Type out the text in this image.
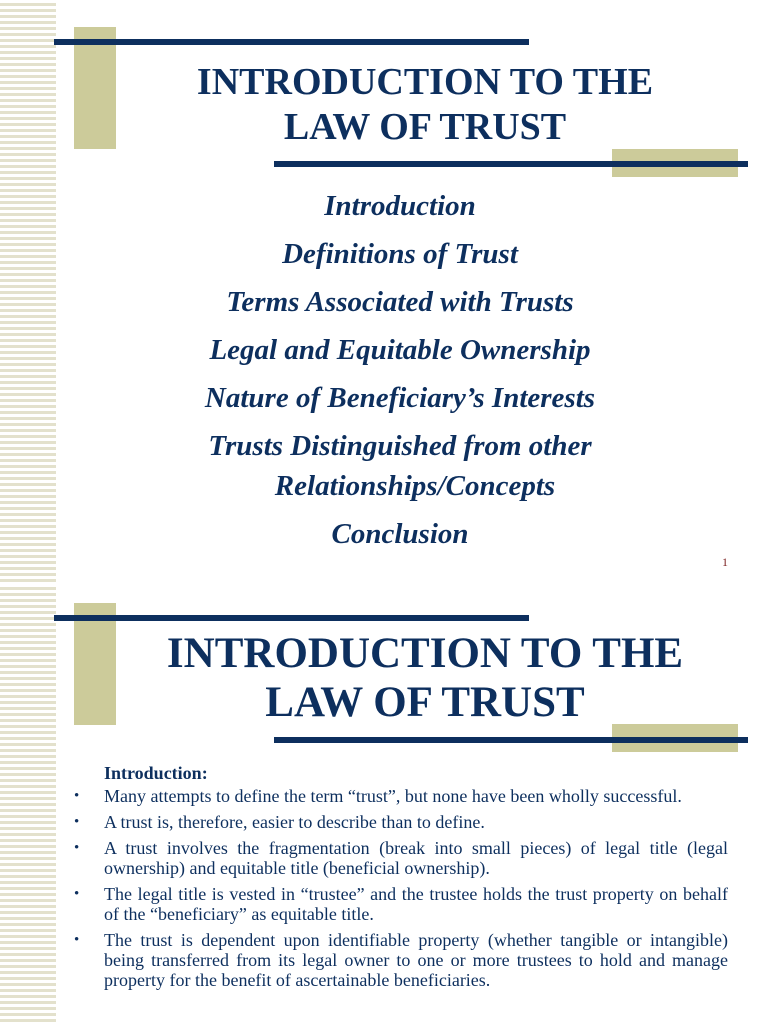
INTRODUCTION TO THE
LAW OF TRUST
Introduction
Definitions of Trust
Terms Associated with Trusts
Legal and Equitable Ownership
Nature of Beneficiary’s Interests
Trusts Distinguished from other
Relationships/Concepts
Conclusion
1
INTRODUCTION TO THE
LAW OF TRUST
Introduction:
• Many attempts to define the term “trust”, but none have been wholly successful.
• A trust is, therefore, easier to describe than to define.
• A trust involves the fragmentation (break into small pieces) of legal title (legal ownership) and equitable title (beneficial ownership).
• The legal title is vested in “trustee” and the trustee holds the trust property on behalf of the “beneficiary” as equitable title.
• The trust is dependent upon identifiable property (whether tangible or intangible) being transferred from its legal owner to one or more trustees to hold and manage property for the benefit of ascertainable beneficiaries.
